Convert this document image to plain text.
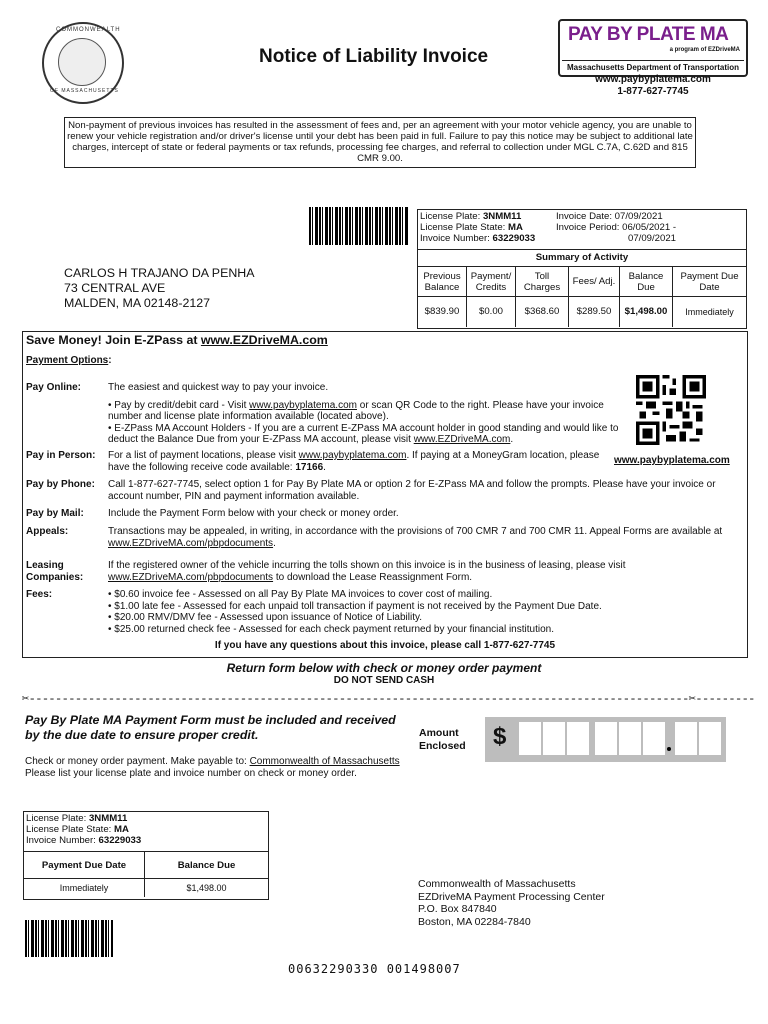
COMMONWEALTH
OF MASSACHUSETTS
Notice of Liability Invoice
PAY BY PLATE MA
a program of EZDriveMA
Massachusetts Department of Transportation
www.paybyplatema.com
1-877-627-7745
Non-payment of previous invoices has resulted in the assessment of fees and, per an agreement with your motor vehicle agency, you are unable to renew your vehicle registration and/or driver's license until your debt has been paid in full. Failure to pay this notice may be subject to additional late charges, intercept of state or federal payments or tax refunds, processing fee charges, and referral to collection under MGL C.7A, C.62D and 815 CMR 9.00.
License Plate: 3NMM11
License Plate State: MA
Invoice Number: 63229033
Invoice Date: 07/09/2021
Invoice Period: 06/05/2021 -
07/09/2021
Summary of Activity
Previous Balance	Payment/ Credits	Toll Charges	Fees/ Adj.	Balance Due	Payment Due Date
$839.90	$0.00	$368.60	$289.50	$1,498.00	Immediately
CARLOS H TRAJANO DA PENHA
73 CENTRAL AVE
MALDEN, MA 02148-2127
Save Money! Join E-ZPass at www.EZDriveMA.com
Payment Options:
Pay Online:	The easiest and quickest way to pay your invoice.
• Pay by credit/debit card - Visit www.paybyplatema.com or scan QR Code to the right. Please have your invoice number and license plate information available (located above).
• E-ZPass MA Account Holders - If you are a current E-ZPass MA account holder in good standing and would like to deduct the Balance Due from your E-ZPass MA account, please visit www.EZDriveMA.com.
Pay in Person:	For a list of payment locations, please visit www.paybyplatema.com. If paying at a MoneyGram location, please have the following receive code available: 17166.
Pay by Phone:	Call 1-877-627-7745, select option 1 for Pay By Plate MA or option 2 for E-ZPass MA and follow the prompts. Please have your invoice or account number, PIN and payment information available.
Pay by Mail:	Include the Payment Form below with your check or money order.
Appeals:	Transactions may be appealed, in writing, in accordance with the provisions of 700 CMR 7 and 700 CMR 11. Appeal Forms are available at www.EZDriveMA.com/pbpdocuments.
Leasing Companies:
If the registered owner of the vehicle incurring the tolls shown on this invoice is in the business of leasing, please visit www.EZDriveMA.com/pbpdocuments to download the Lease Reassignment Form.
Fees:	• $0.60 invoice fee - Assessed on all Pay By Plate MA invoices to cover cost of mailing.
• $1.00 late fee - Assessed for each unpaid toll transaction if payment is not received by the Payment Due Date.
• $20.00 RMV/DMV fee - Assessed upon issuance of Notice of Liability.
• $25.00 returned check fee - Assessed for each check payment returned by your financial institution.
If you have any questions about this invoice, please call 1-877-627-7745
www.paybyplatema.com
Return form below with check or money order payment
DO NOT SEND CASH
✂----------------------------------------------------------------------------------------------------✂---------
Pay By Plate MA Payment Form must be included and received by the due date to ensure proper credit.	Amount Enclosed	$
Check or money order payment. Make payable to: Commonwealth of Massachusetts
Please list your license plate and invoice number on check or money order.
License Plate: 3NMM11
License Plate State: MA
Invoice Number: 63229033
Payment Due Date	Balance Due
Immediately	$1,498.00	Commonwealth of Massachusetts
EZDriveMA Payment Processing Center
P.O. Box 847840
Boston, MA 02284-7840
00632290330 001498007
